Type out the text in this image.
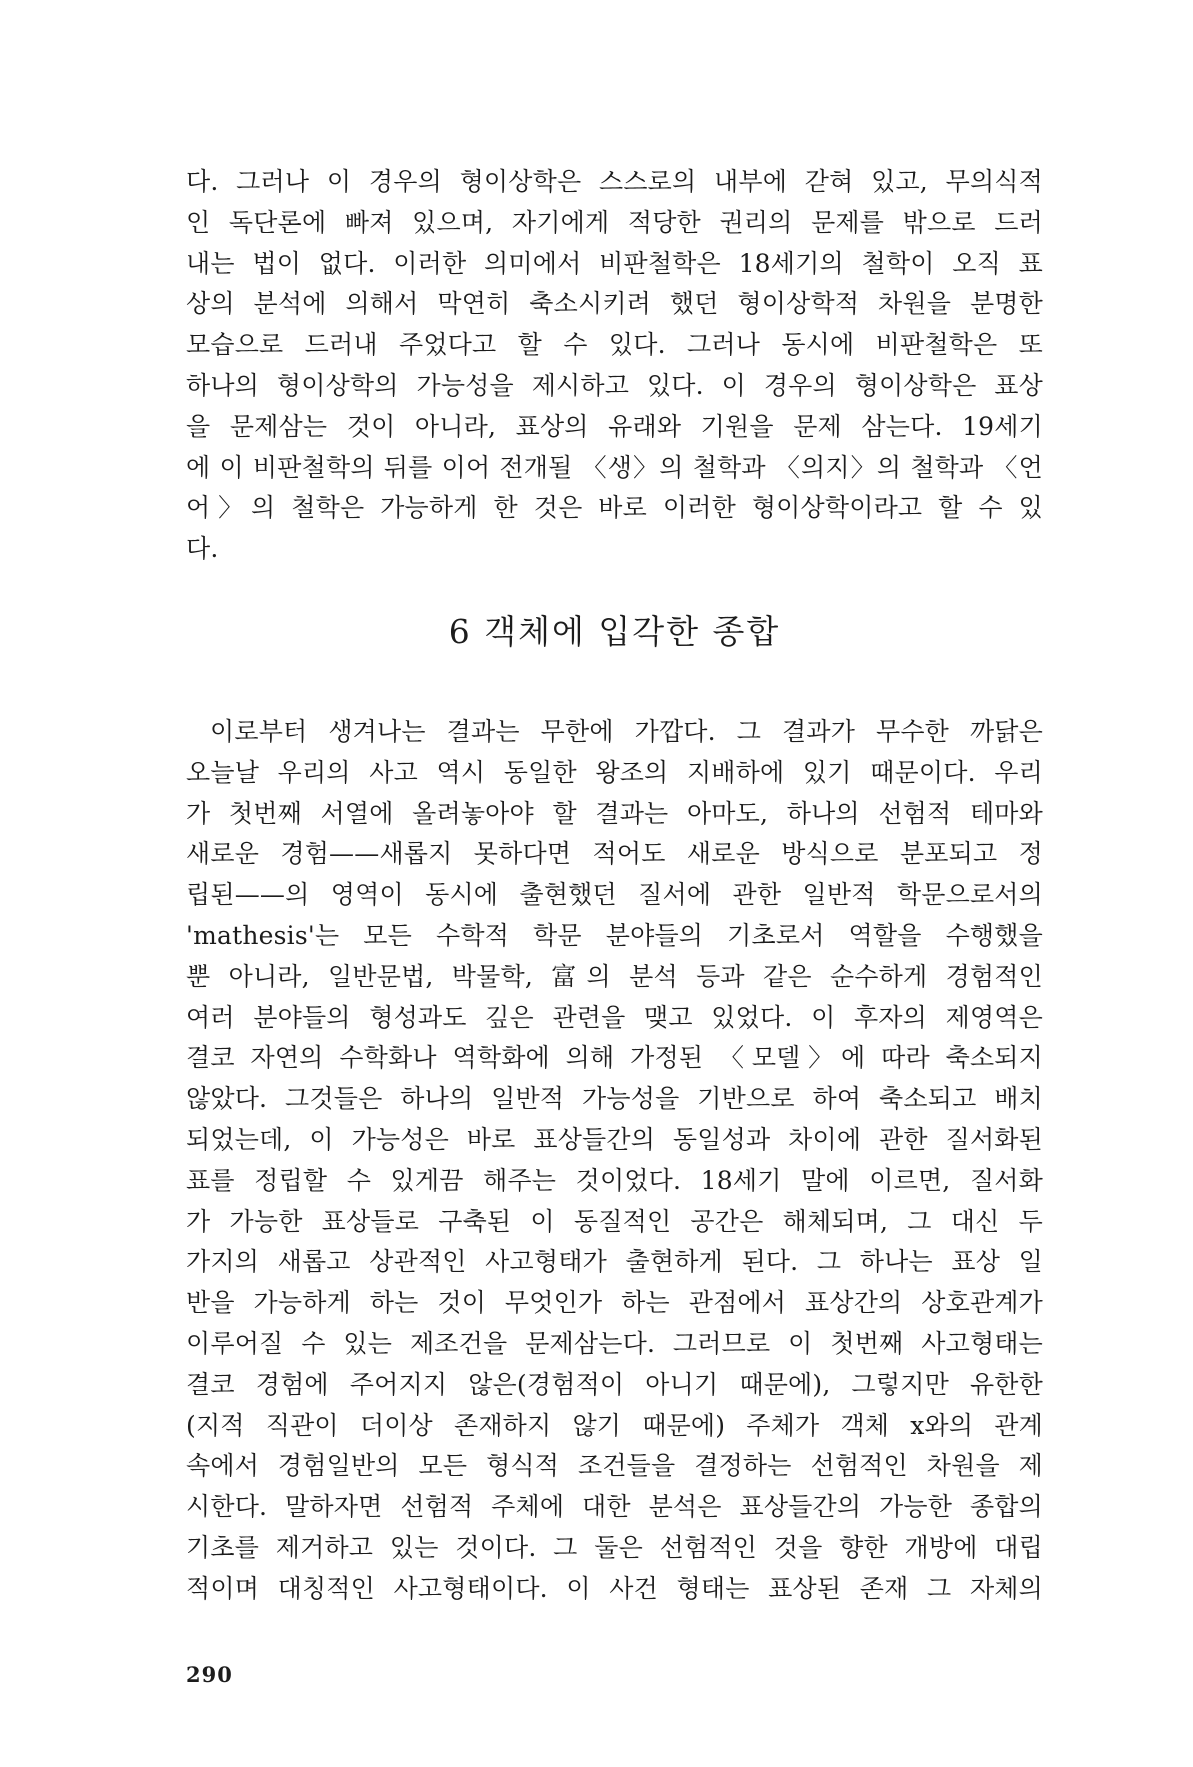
다. 그러나 이 경우의 형이상학은 스스로의 내부에 갇혀 있고, 무의식적
인 독단론에 빠져 있으며, 자기에게 적당한 권리의 문제를 밖으로 드러
내는 법이 없다. 이러한 의미에서 비판철학은 18세기의 철학이 오직 표
상의 분석에 의해서 막연히 축소시키려 했던 형이상학적 차원을 분명한
모습으로 드러내 주었다고 할 수 있다. 그러나 동시에 비판철학은 또
하나의 형이상학의 가능성을 제시하고 있다. 이 경우의 형이상학은 표상
을 문제삼는 것이 아니라, 표상의 유래와 기원을 문제 삼는다. 19세기
에 이 비판철학의 뒤를 이어 전개될 〈생〉의 철학과 〈의지〉의 철학과 〈언
어〉의 철학은 가능하게 한 것은 바로 이러한 형이상학이라고 할 수 있
다.
6 객체에 입각한 종합
이로부터 생겨나는 결과는 무한에 가깝다. 그 결과가 무수한 까닭은
오늘날 우리의 사고 역시 동일한 왕조의 지배하에 있기 때문이다. 우리
가 첫번째 서열에 올려놓아야 할 결과는 아마도, 하나의 선험적 테마와
새로운 경험——새롭지 못하다면 적어도 새로운 방식으로 분포되고 정
립된——의 영역이 동시에 출현했던 질서에 관한 일반적 학문으로서의
'mathesis'는 모든 수학적 학문 분야들의 기초로서 역할을 수행했을
뿐 아니라, 일반문법, 박물학, 富의 분석 등과 같은 순수하게 경험적인
여러 분야들의 형성과도 깊은 관련을 맺고 있었다. 이 후자의 제영역은
결코 자연의 수학화나 역학화에 의해 가정된 〈모델〉에 따라 축소되지
않았다. 그것들은 하나의 일반적 가능성을 기반으로 하여 축소되고 배치
되었는데, 이 가능성은 바로 표상들간의 동일성과 차이에 관한 질서화된
표를 정립할 수 있게끔 해주는 것이었다. 18세기 말에 이르면, 질서화
가 가능한 표상들로 구축된 이 동질적인 공간은 해체되며, 그 대신 두
가지의 새롭고 상관적인 사고형태가 출현하게 된다. 그 하나는 표상 일
반을 가능하게 하는 것이 무엇인가 하는 관점에서 표상간의 상호관계가
이루어질 수 있는 제조건을 문제삼는다. 그러므로 이 첫번째 사고형태는
결코 경험에 주어지지 않은(경험적이 아니기 때문에), 그렇지만 유한한
(지적 직관이 더이상 존재하지 않기 때문에) 주체가 객체 x와의 관계
속에서 경험일반의 모든 형식적 조건들을 결정하는 선험적인 차원을 제
시한다. 말하자면 선험적 주체에 대한 분석은 표상들간의 가능한 종합의
기초를 제거하고 있는 것이다. 그 둘은 선험적인 것을 향한 개방에 대립
적이며 대칭적인 사고형태이다. 이 사건 형태는 표상된 존재 그 자체의
290
